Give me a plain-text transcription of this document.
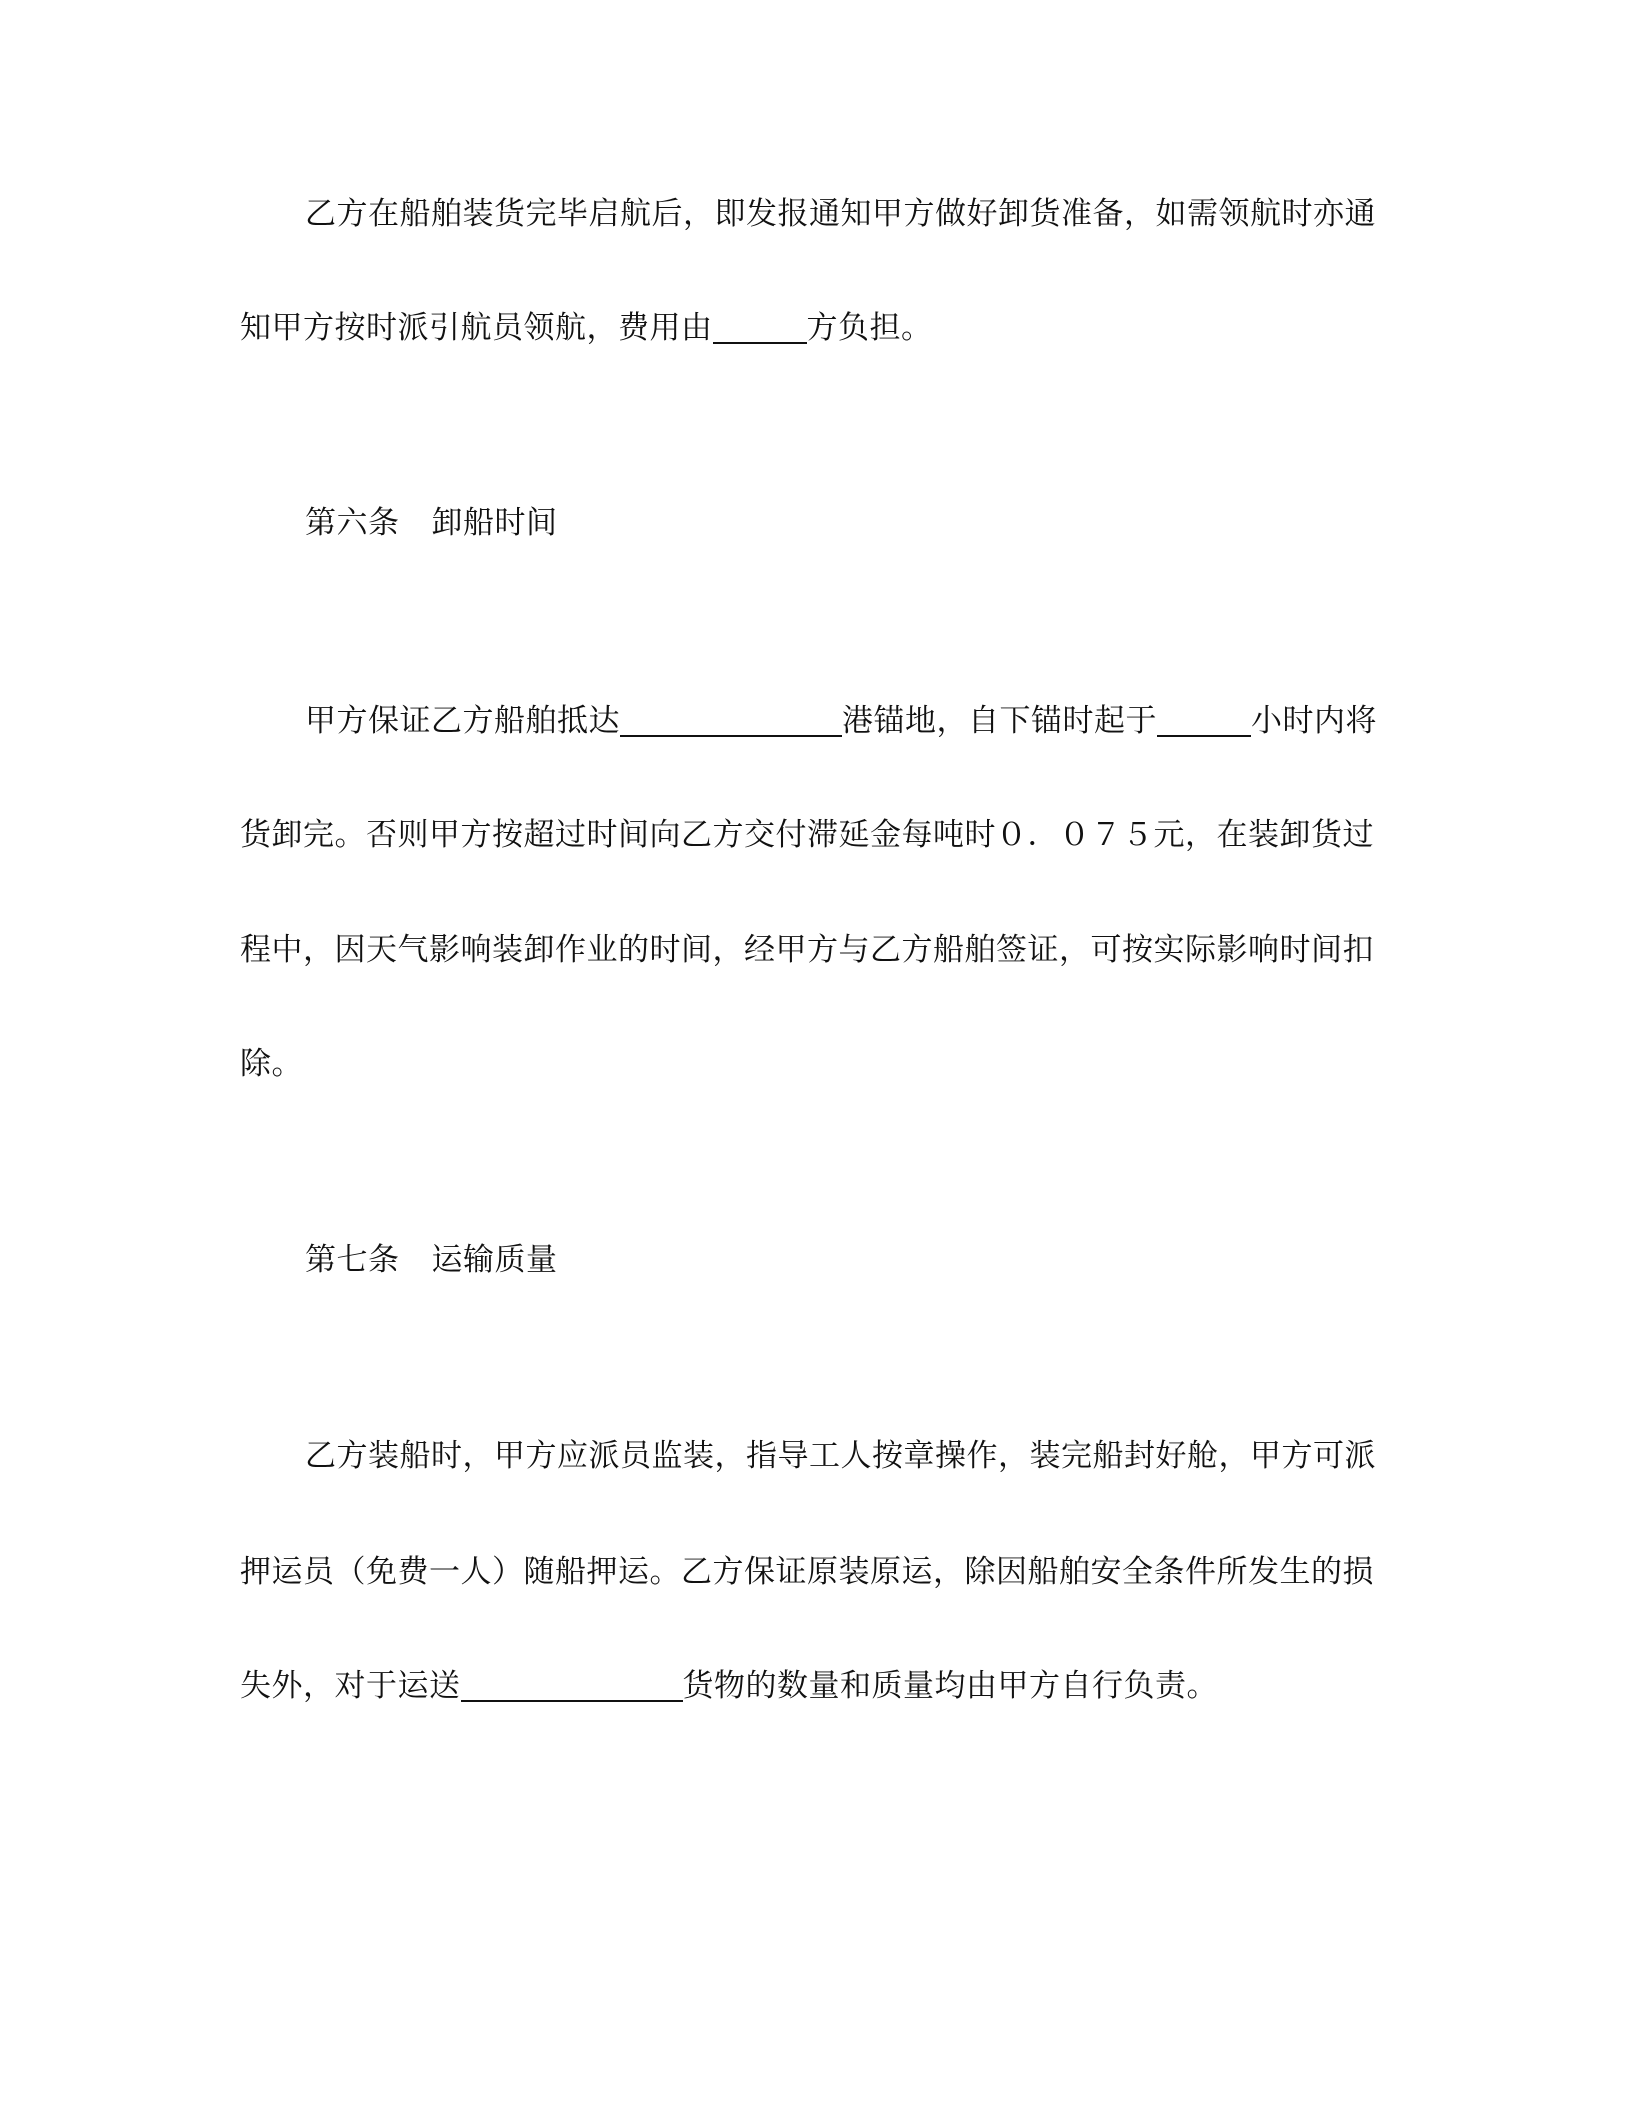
乙方在船舶装货完毕启航后，即发报通知甲方做好卸货准备，如需领航时亦通
知甲方按时派引航员领航，费用由	方负担。
第六条 卸船时间
甲方保证乙方船舶抵达	港锚地，自下锚时起于	小时内将
货卸完。否则甲方按超过时间向乙方交付滞延金每吨时０．０７５元，在装卸货过
程中，因天气影响装卸作业的时间，经甲方与乙方船舶签证，可按实际影响时间扣
除。
第七条 运输质量
乙方装船时，甲方应派员监装，指导工人按章操作，装完船封好舱，甲方可派
押运员（免费一人）随船押运。乙方保证原装原运，除因船舶安全条件所发生的损
失外，对于运送	货物的数量和质量均由甲方自行负责。
